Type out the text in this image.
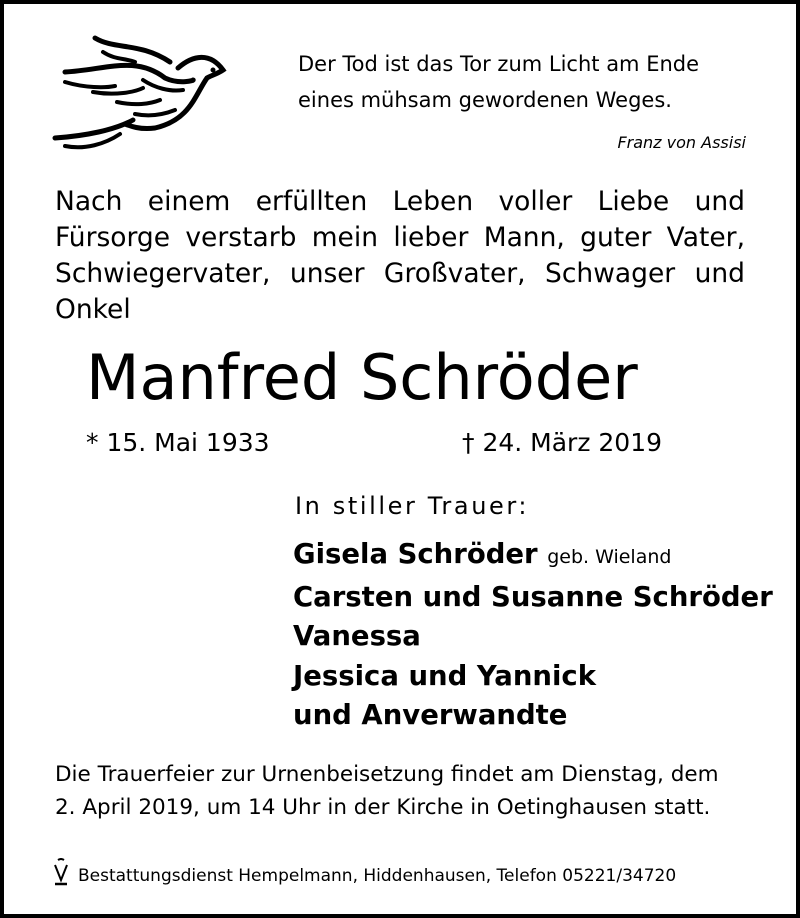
Der Tod ist das Tor zum Licht am Ende
eines mühsam gewordenen Weges.
Franz von Assisi
Nach einem erfüllten Leben voller Liebe und Fürsorge verstarb mein lieber Mann, guter Vater, Schwiegervater, unser Großvater, Schwager und Onkel
Manfred Schröder
* 15. Mai 1933	† 24. März 2019
In stiller Trauer:
Gisela Schröder geb. Wieland
Carsten und Susanne Schröder
Vanessa
Jessica und Yannick
und Anverwandte
Die Trauerfeier zur Urnenbeisetzung findet am Dienstag, dem
2. April 2019, um 14 Uhr in der Kirche in Oetinghausen statt.
Bestattungsdienst Hempelmann, Hiddenhausen, Telefon 05221/34720
